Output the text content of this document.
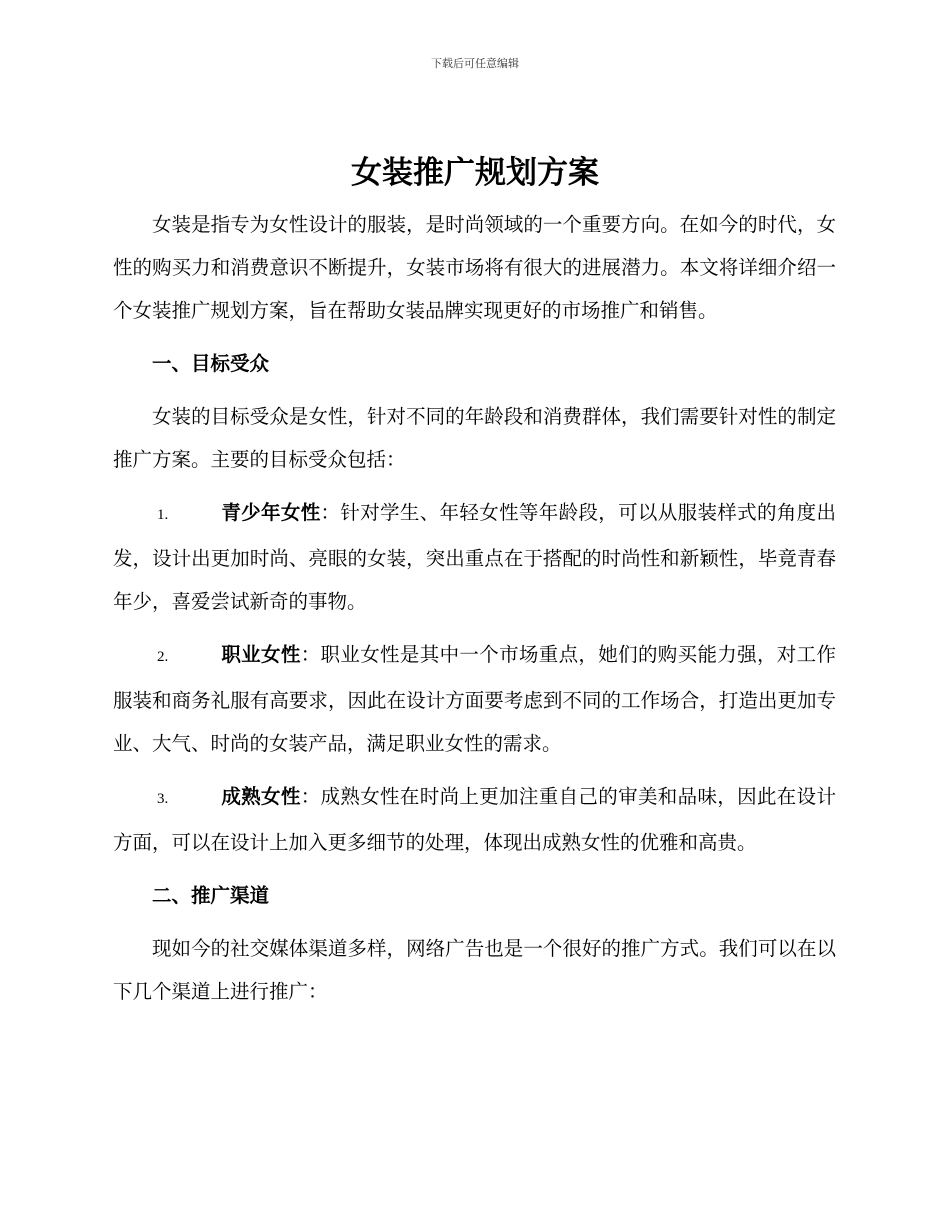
下载后可任意编辑
女装推广规划方案

女装是指专为女性设计的服装，是时尚领域的一个重要方向。在如今的时代，女性的购买力和消费意识不断提升，女装市场将有很大的进展潜力。本文将详细介绍一个女装推广规划方案，旨在帮助女装品牌实现更好的市场推广和销售。

一、目标受众

女装的目标受众是女性，针对不同的年龄段和消费群体，我们需要针对性的制定推广方案。主要的目标受众包括：

1.	青少年女性：针对学生、年轻女性等年龄段，可以从服装样式的角度出发，设计出更加时尚、亮眼的女装，突出重点在于搭配的时尚性和新颖性，毕竟青春年少，喜爱尝试新奇的事物。

2.	职业女性：职业女性是其中一个市场重点，她们的购买能力强，对工作服装和商务礼服有高要求，因此在设计方面要考虑到不同的工作场合，打造出更加专业、大气、时尚的女装产品，满足职业女性的需求。

3.	成熟女性：成熟女性在时尚上更加注重自己的审美和品味，因此在设计方面，可以在设计上加入更多细节的处理，体现出成熟女性的优雅和高贵。

二、推广渠道

现如今的社交媒体渠道多样，网络广告也是一个很好的推广方式。我们可以在以下几个渠道上进行推广：
